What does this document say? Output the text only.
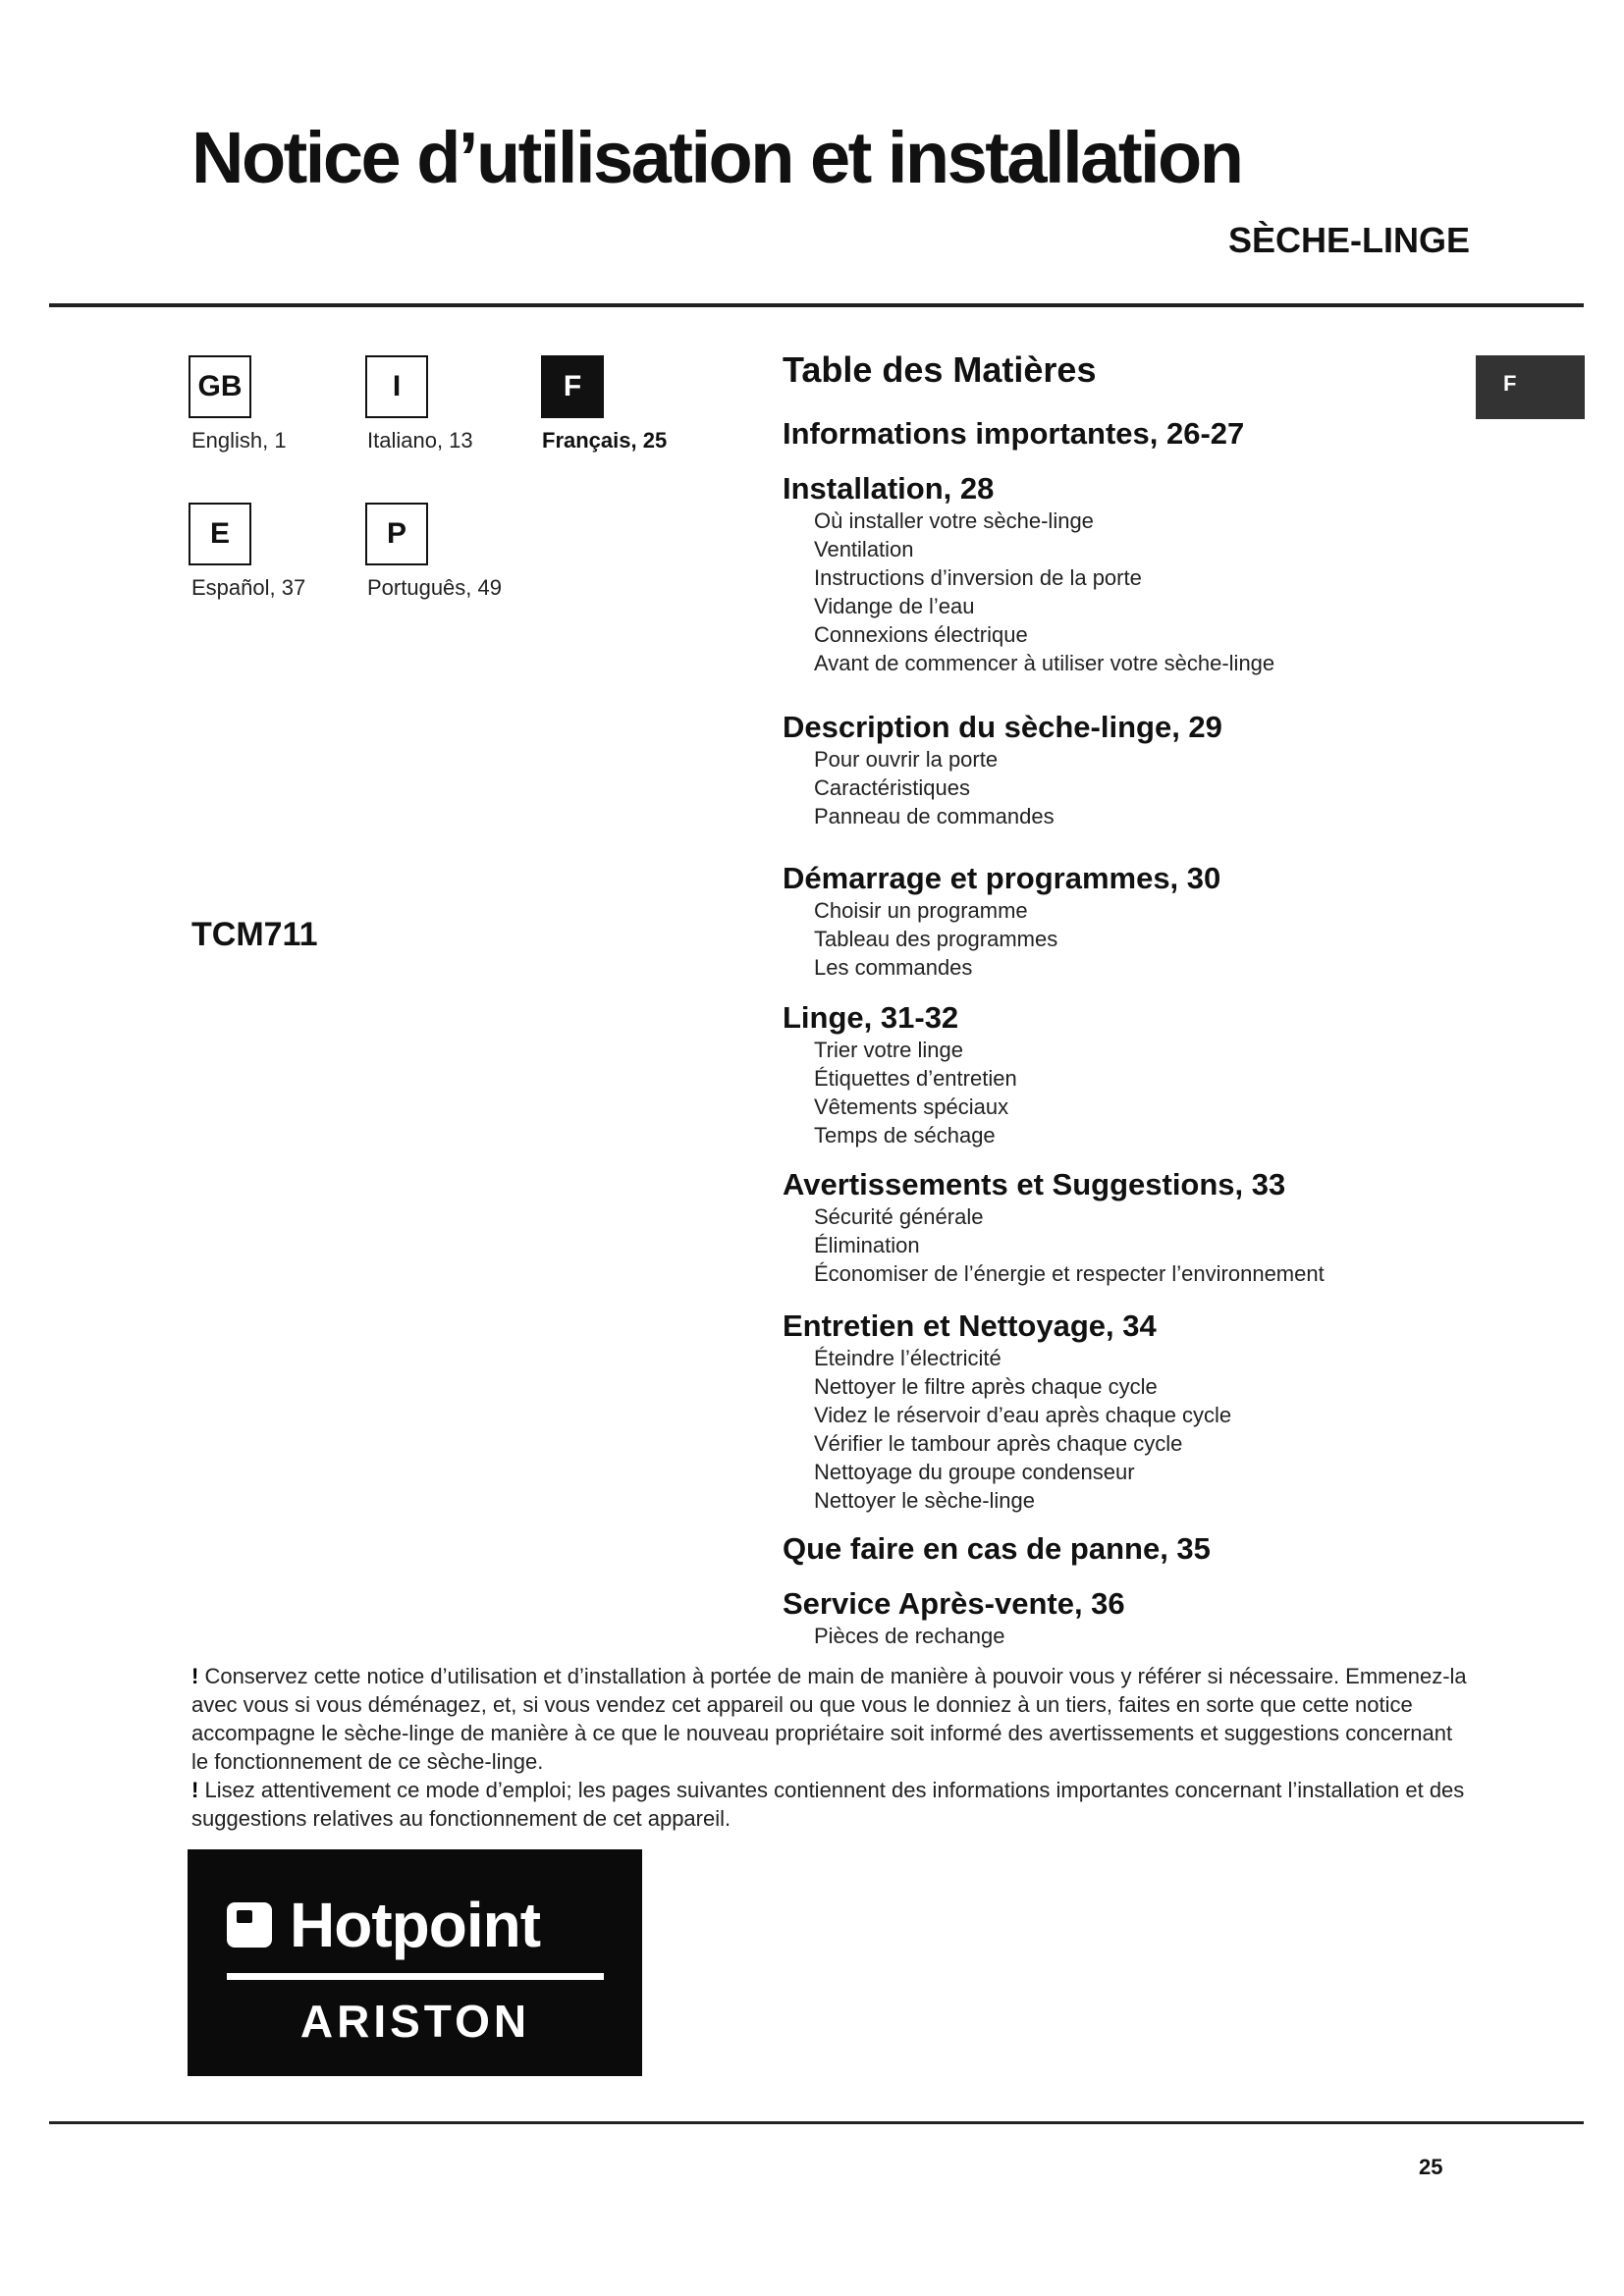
Notice d’utilisation et installation
SÈCHE-LINGE
GB
English, 1
I
Italiano, 13
F
Français, 25
E
Español, 37
P
Português, 49
TCM711
F
Table des Matières
Informations importantes, 26-27
Installation, 28
Où installer votre sèche-linge
Ventilation
Instructions d’inversion de la porte
Vidange de l’eau
Connexions électrique
Avant de commencer à utiliser votre sèche-linge
Description du sèche-linge, 29
Pour ouvrir la porte
Caractéristiques
Panneau de commandes
Démarrage et programmes, 30
Choisir un programme
Tableau des programmes
Les commandes
Linge, 31-32
Trier votre linge
Étiquettes d’entretien
Vêtements spéciaux
Temps de séchage
Avertissements et Suggestions, 33
Sécurité générale
Élimination
Économiser de l’énergie et respecter l’environnement
Entretien et Nettoyage, 34
Éteindre l’électricité
Nettoyer le filtre après chaque cycle
Videz le réservoir d’eau après chaque cycle
Vérifier le tambour après chaque cycle
Nettoyage du groupe condenseur
Nettoyer le sèche-linge
Que faire en cas de panne, 35
Service Après-vente, 36
Pièces de rechange

! Conservez cette notice d’utilisation et d’installation à portée de main de manière à pouvoir vous y référer si nécessaire. Emmenez-la avec vous si vous déménagez, et, si vous vendez cet appareil ou que vous le donniez à un tiers, faites en sorte que cette notice accompagne le sèche-linge de manière à ce que le nouveau propriétaire soit informé des avertissements et suggestions concernant le fonctionnement de ce sèche-linge.

! Lisez attentivement ce mode d’emploi; les pages suivantes contiennent des informations importantes concernant l’installation et des suggestions relatives au fonctionnement de cet appareil.

Hotpoint
ARISTON
25
